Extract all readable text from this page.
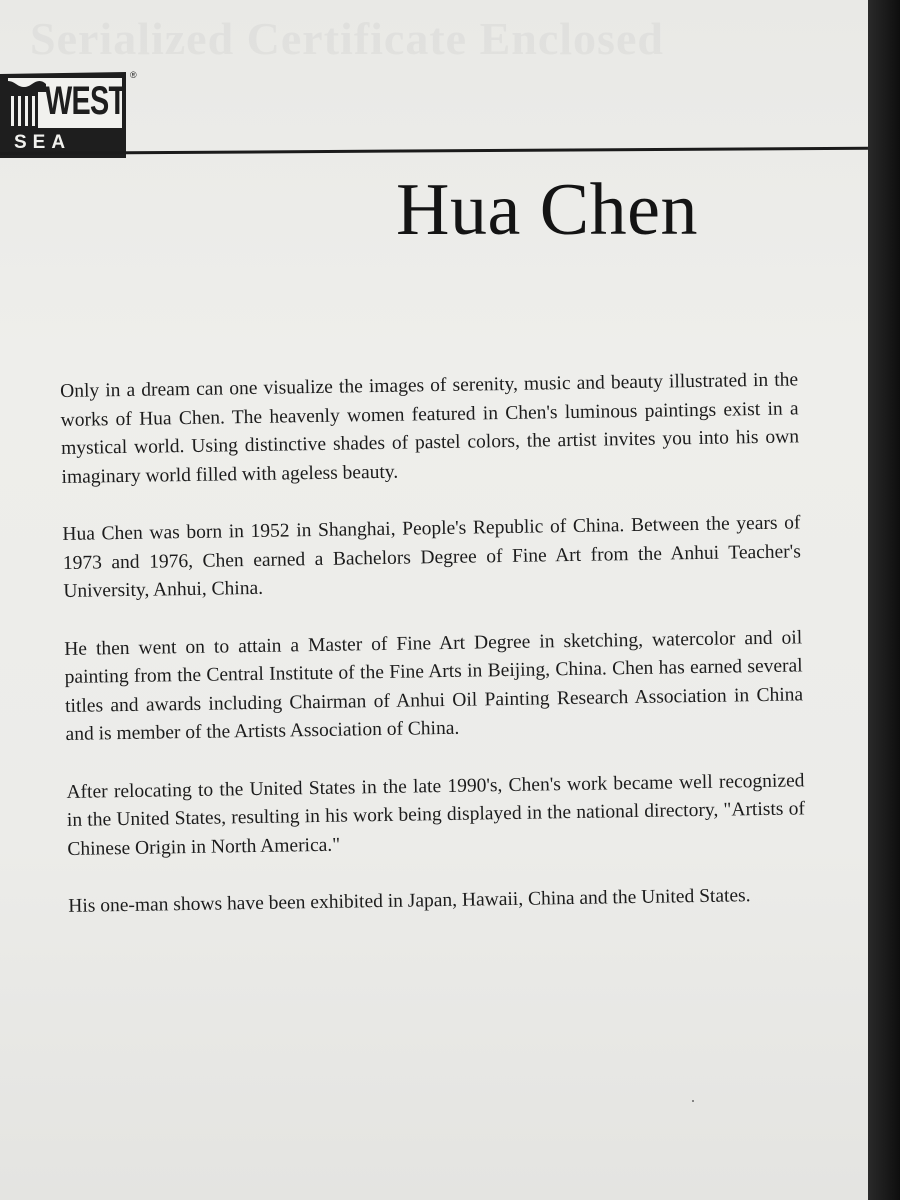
Serialized Certificate Enclosed
WEST
®
SEA
Hua Chen

Only in a dream can one visualize the images of serenity, music and beauty illustrated in the works of Hua Chen. The heavenly women featured in Chen's luminous paintings exist in a mystical world. Using distinctive shades of pastel colors, the artist invites you into his own imaginary world filled with ageless beauty.

Hua Chen was born in 1952 in Shanghai, People's Republic of China. Between the years of 1973 and 1976, Chen earned a Bachelors Degree of Fine Art from the Anhui Teacher's University, Anhui, China.

He then went on to attain a Master of Fine Art Degree in sketching, watercolor and oil painting from the Central Institute of the Fine Arts in Beijing, China. Chen has earned several titles and awards including Chairman of Anhui Oil Painting Research Association in China and is member of the Artists Association of China.

After relocating to the United States in the late 1990's, Chen's work became well recognized in the United States, resulting in his work being displayed in the national directory, "Artists of Chinese Origin in North America."

His one-man shows have been exhibited in Japan, Hawaii, China and the United States.
